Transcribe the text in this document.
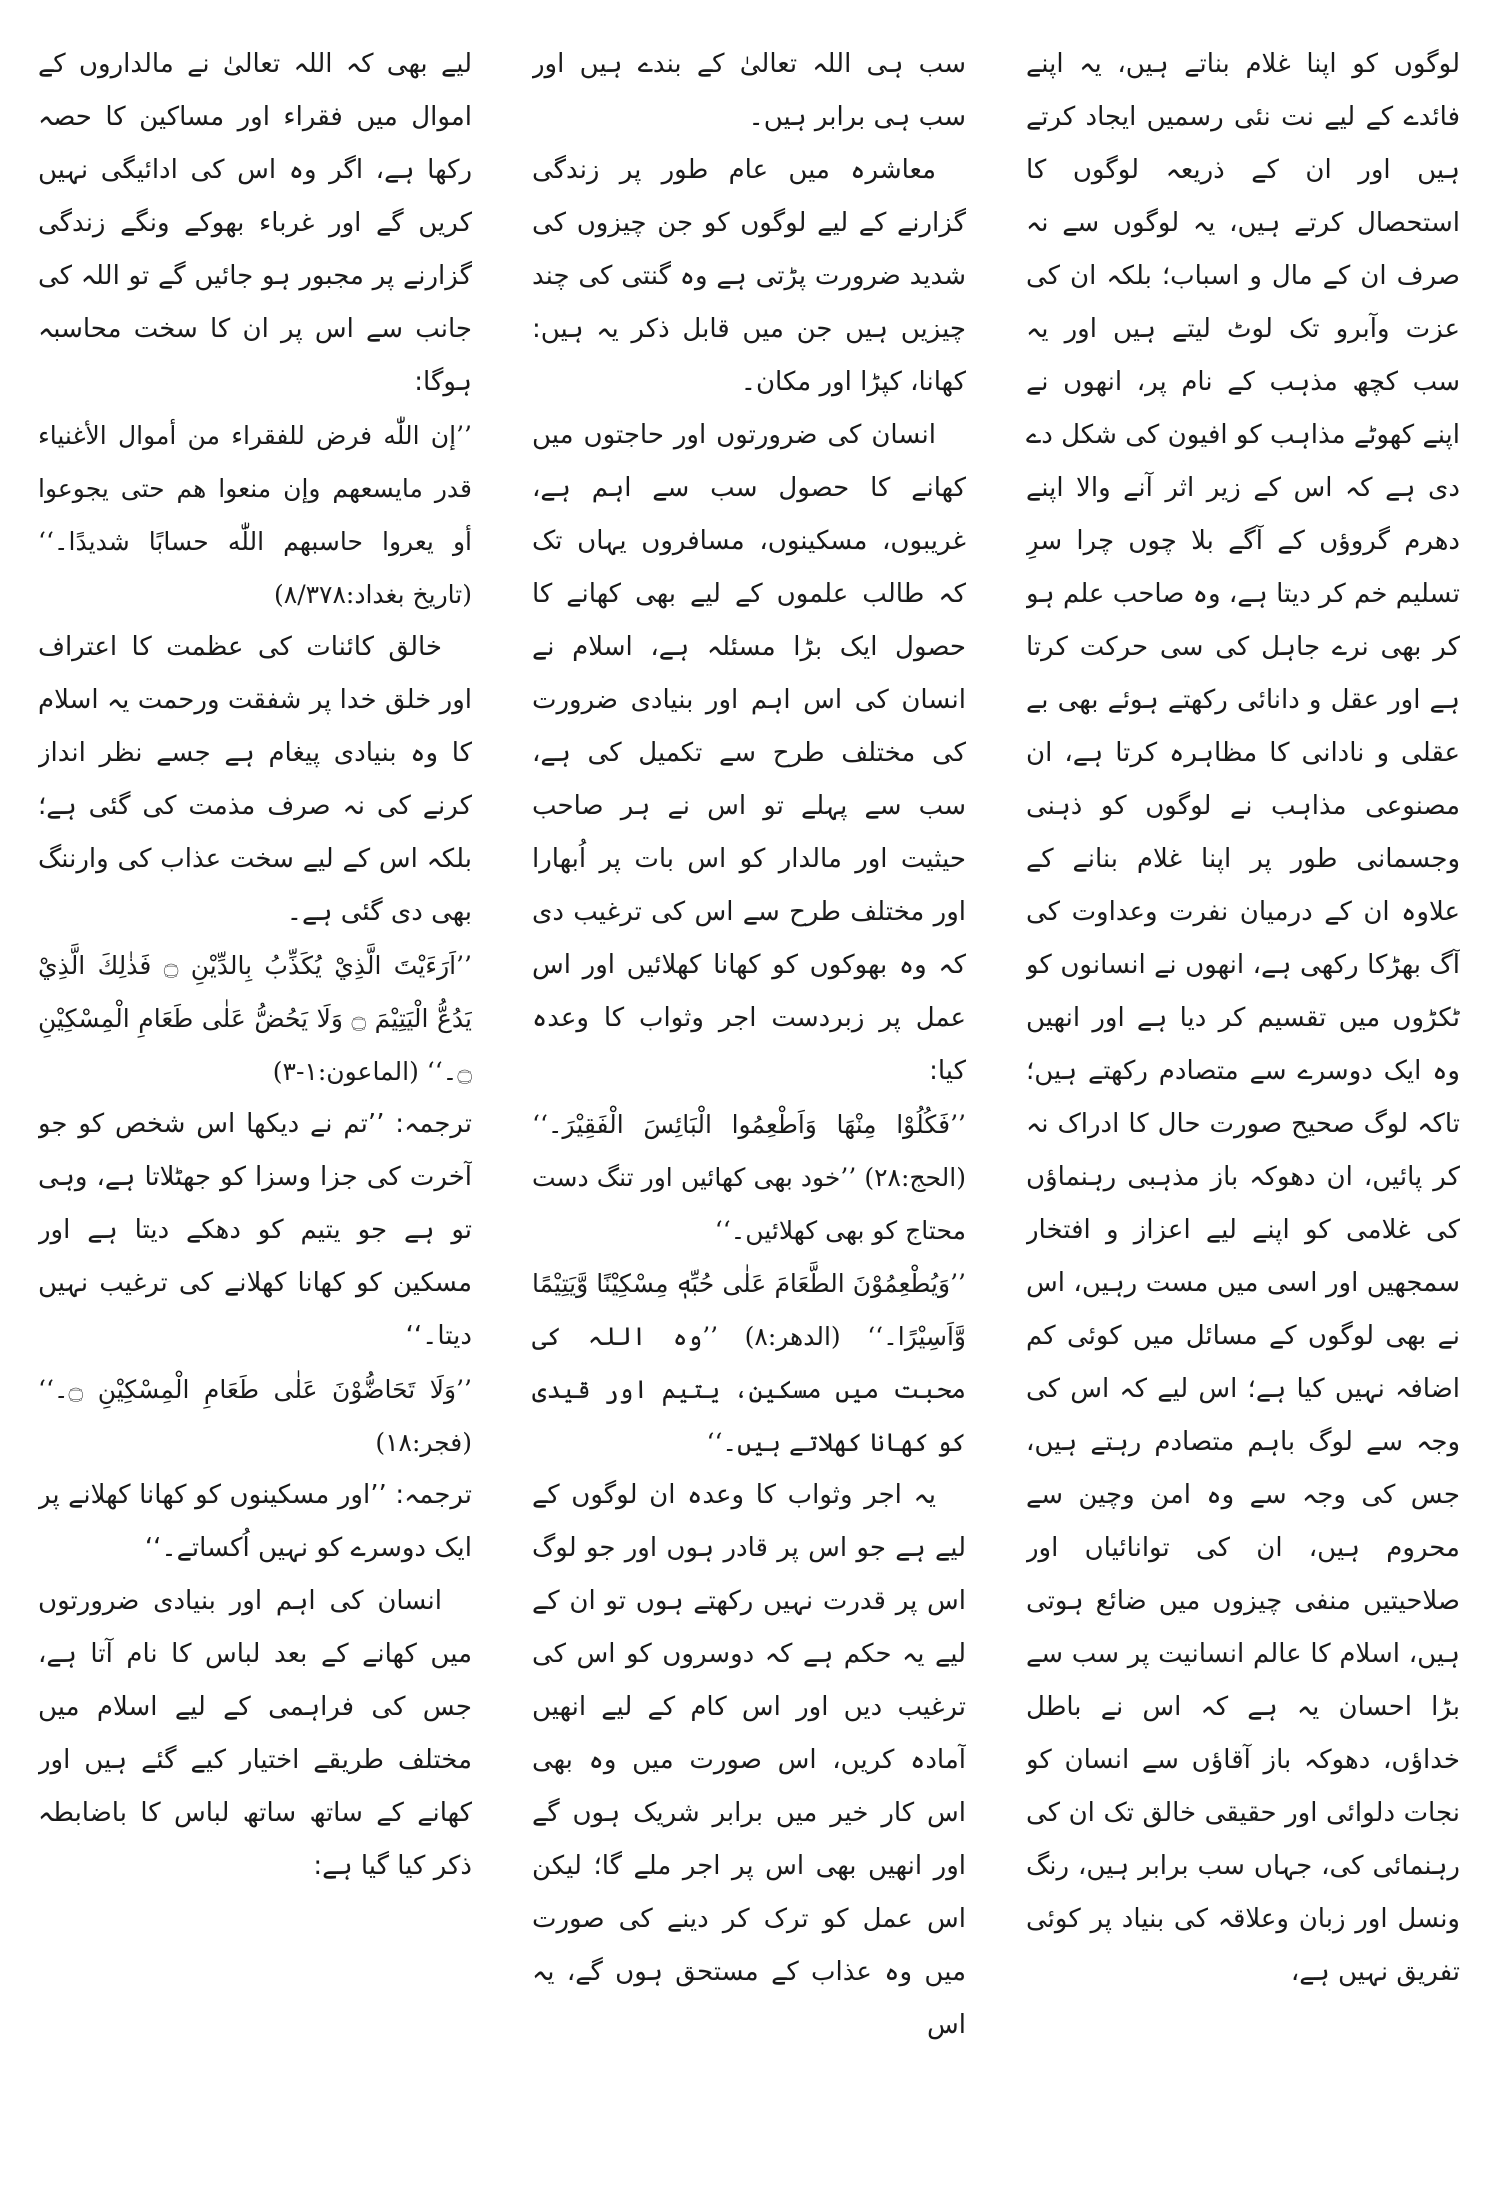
لوگوں کو اپنا غلام بناتے ہیں، یہ اپنے فائدے کے لیے نت نئی رسمیں ایجاد کرتے ہیں اور ان کے ذریعہ لوگوں کا استحصال کرتے ہیں، یہ لوگوں سے نہ صرف ان کے مال و اسباب؛ بلکہ ان کی عزت وآبرو تک لوٹ لیتے ہیں اور یہ سب کچھ مذہب کے نام پر، انھوں نے اپنے کھوٹے مذاہب کو افیون کی شکل دے دی ہے کہ اس کے زیر اثر آنے والا اپنے دھرم گروؤں کے آگے بلا چوں چرا سرِ تسلیم خم کر دیتا ہے، وہ صاحب علم ہو کر بھی نرے جاہل کی سی حرکت کرتا ہے اور عقل و دانائی رکھتے ہوئے بھی بے عقلی و نادانی کا مظاہرہ کرتا ہے، ان مصنوعی مذاہب نے لوگوں کو ذہنی وجسمانی طور پر اپنا غلام بنانے کے علاوہ ان کے درمیان نفرت وعداوت کی آگ بھڑکا رکھی ہے، انھوں نے انسانوں کو ٹکڑوں میں تقسیم کر دیا ہے اور انھیں وہ ایک دوسرے سے متصادم رکھتے ہیں؛ تاکہ لوگ صحیح صورت حال کا ادراک نہ کر پائیں، ان دھوکہ باز مذہبی رہنماؤں کی غلامی کو اپنے لیے اعزاز و افتخار سمجھیں اور اسی میں مست رہیں، اس نے بھی لوگوں کے مسائل میں کوئی کم اضافہ نہیں کیا ہے؛ اس لیے کہ اس کی وجہ سے لوگ باہم متصادم رہتے ہیں، جس کی وجہ سے وہ امن وچین سے محروم ہیں، ان کی توانائیاں اور صلاحیتیں منفی چیزوں میں ضائع ہوتی ہیں، اسلام کا عالم انسانیت پر سب سے بڑا احسان یہ ہے کہ اس نے باطل خداؤں، دھوکہ باز آقاؤں سے انسان کو نجات دلوائی اور حقیقی خالق تک ان کی رہنمائی کی، جہاں سب برابر ہیں، رنگ ونسل اور زبان وعلاقہ کی بنیاد پر کوئی تفریق نہیں ہے،

سب ہی اللہ تعالیٰ کے بندے ہیں اور سب ہی برابر ہیں۔

معاشرہ میں عام طور پر زندگی گزارنے کے لیے لوگوں کو جن چیزوں کی شدید ضرورت پڑتی ہے وہ گنتی کی چند چیزیں ہیں جن میں قابل ذکر یہ ہیں: کھانا، کپڑا اور مکان۔

انسان کی ضرورتوں اور حاجتوں میں کھانے کا حصول سب سے اہم ہے، غریبوں، مسکینوں، مسافروں یہاں تک کہ طالب علموں کے لیے بھی کھانے کا حصول ایک بڑا مسئلہ ہے، اسلام نے انسان کی اس اہم اور بنیادی ضرورت کی مختلف طرح سے تکمیل کی ہے، سب سے پہلے تو اس نے ہر صاحب حیثیت اور مالدار کو اس بات پر اُبھارا اور مختلف طرح سے اس کی ترغیب دی کہ وہ بھوکوں کو کھانا کھلائیں اور اس عمل پر زبردست اجر وثواب کا وعدہ کیا:

’’فَكُلُوْا مِنْهَا وَاَطْعِمُوا الْبَائِسَ الْفَقِيْرَ۔‘‘ (الحج:۲۸) ’’خود بھی کھائیں اور تنگ دست محتاج کو بھی کھلائیں۔‘‘

’’وَيُطْعِمُوْنَ الطَّعَامَ عَلٰى حُبِّهٖ مِسْكِيْنًا وَّيَتِيْمًا وَّاَسِيْرًا۔‘‘ (الدھر:۸) ’’وہ اللہ کی محبت میں مسکین، یتیم اور قیدی کو کھانا کھلاتے ہیں۔‘‘

یہ اجر وثواب کا وعدہ ان لوگوں کے لیے ہے جو اس پر قادر ہوں اور جو لوگ اس پر قدرت نہیں رکھتے ہوں تو ان کے لیے یہ حکم ہے کہ دوسروں کو اس کی ترغیب دیں اور اس کام کے لیے انھیں آمادہ کریں، اس صورت میں وہ بھی اس کار خیر میں برابر شریک ہوں گے اور انھیں بھی اس پر اجر ملے گا؛ لیکن اس عمل کو ترک کر دینے کی صورت میں وہ عذاب کے مستحق ہوں گے، یہ اس

لیے بھی کہ اللہ تعالیٰ نے مالداروں کے اموال میں فقراء اور مساکین کا حصہ رکھا ہے، اگر وہ اس کی ادائیگی نہیں کریں گے اور غرباء بھوکے ونگے زندگی گزارنے پر مجبور ہو جائیں گے تو اللہ کی جانب سے اس پر ان کا سخت محاسبہ ہوگا:

’’إن اللّٰه فرض للفقراء من أموال الأغنياء قدر مايسعهم وإن منعوا هم حتى يجوعوا أو يعروا حاسبهم اللّٰه حسابًا شديدًا۔‘‘ (تاریخ بغداد:۸/۳۷۸)

خالق کائنات کی عظمت کا اعتراف اور خلق خدا پر شفقت ورحمت یہ اسلام کا وہ بنیادی پیغام ہے جسے نظر انداز کرنے کی نہ صرف مذمت کی گئی ہے؛ بلکہ اس کے لیے سخت عذاب کی وارننگ بھی دی گئی ہے۔

’’اَرَءَيْتَ الَّذِيْ يُكَذِّبُ بِالدِّيْنِ ۝ فَذٰلِكَ الَّذِيْ يَدُعُّ الْيَتِيْمَ ۝ وَلَا يَحُضُّ عَلٰى طَعَامِ الْمِسْكِيْنِ ۝۔‘‘ (الماعون:۱-۳)

ترجمہ: ’’تم نے دیکھا اس شخص کو جو آخرت کی جزا وسزا کو جھٹلاتا ہے، وہی تو ہے جو یتیم کو دھکے دیتا ہے اور مسکین کو کھانا کھلانے کی ترغیب نہیں دیتا۔‘‘

’’وَلَا تَحَاضُّوْنَ عَلٰى طَعَامِ الْمِسْكِيْنِ ۝۔‘‘ (فجر:۱۸)

ترجمہ: ’’اور مسکینوں کو کھانا کھلانے پر ایک دوسرے کو نہیں اُکساتے۔‘‘

انسان کی اہم اور بنیادی ضرورتوں میں کھانے کے بعد لباس کا نام آتا ہے، جس کی فراہمی کے لیے اسلام میں مختلف طریقے اختیار کیے گئے ہیں اور کھانے کے ساتھ ساتھ لباس کا باضابطہ ذکر کیا گیا ہے:
